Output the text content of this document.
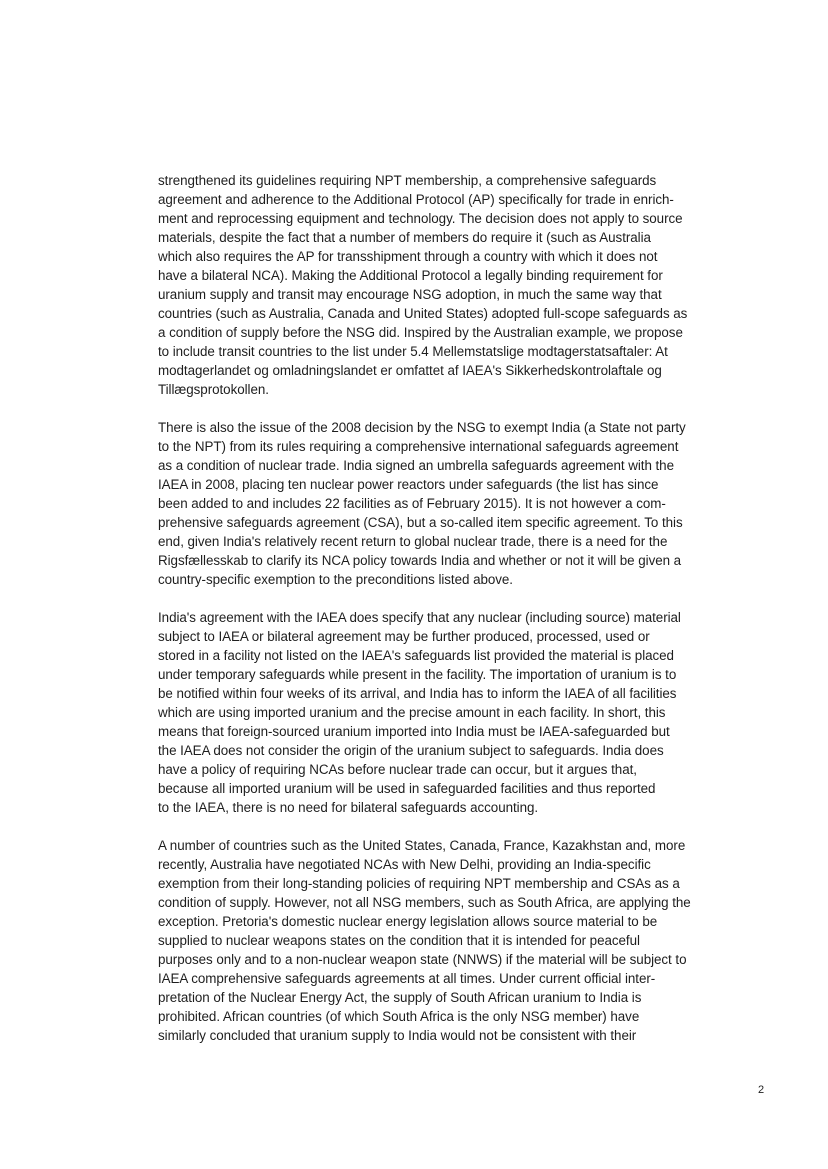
strengthened its guidelines requiring NPT membership, a comprehensive safeguards
agreement and adherence to the Additional Protocol (AP) specifically for trade in enrich-
ment and reprocessing equipment and technology. The decision does not apply to source
materials, despite the fact that a number of members do require it (such as Australia
which also requires the AP for transshipment through a country with which it does not
have a bilateral NCA). Making the Additional Protocol a legally binding requirement for
uranium supply and transit may encourage NSG adoption, in much the same way that
countries (such as Australia, Canada and United States) adopted full-scope safeguards as
a condition of supply before the NSG did. Inspired by the Australian example, we propose
to include transit countries to the list under 5.4 Mellemstatslige modtagerstatsaftaler: At
modtagerlandet og omladningslandet er omfattet af IAEA's Sikkerhedskontrolaftale og
Tillægsprotokollen.

There is also the issue of the 2008 decision by the NSG to exempt India (a State not party
to the NPT) from its rules requiring a comprehensive international safeguards agreement
as a condition of nuclear trade. India signed an umbrella safeguards agreement with the
IAEA in 2008, placing ten nuclear power reactors under safeguards (the list has since
been added to and includes 22 facilities as of February 2015). It is not however a com-
prehensive safeguards agreement (CSA), but a so-called item specific agreement. To this
end, given India's relatively recent return to global nuclear trade, there is a need for the
Rigsfællesskab to clarify its NCA policy towards India and whether or not it will be given a
country-specific exemption to the preconditions listed above.

India's agreement with the IAEA does specify that any nuclear (including source) material
subject to IAEA or bilateral agreement may be further produced, processed, used or
stored in a facility not listed on the IAEA's safeguards list provided the material is placed
under temporary safeguards while present in the facility. The importation of uranium is to
be notified within four weeks of its arrival, and India has to inform the IAEA of all facilities
which are using imported uranium and the precise amount in each facility. In short, this
means that foreign-sourced uranium imported into India must be IAEA-safeguarded but
the IAEA does not consider the origin of the uranium subject to safeguards. India does
have a policy of requiring NCAs before nuclear trade can occur, but it argues that,
because all imported uranium will be used in safeguarded facilities and thus reported
to the IAEA, there is no need for bilateral safeguards accounting.

A number of countries such as the United States, Canada, France, Kazakhstan and, more
recently, Australia have negotiated NCAs with New Delhi, providing an India-specific
exemption from their long-standing policies of requiring NPT membership and CSAs as a
condition of supply. However, not all NSG members, such as South Africa, are applying the
exception. Pretoria's domestic nuclear energy legislation allows source material to be
supplied to nuclear weapons states on the condition that it is intended for peaceful
purposes only and to a non-nuclear weapon state (NNWS) if the material will be subject to
IAEA comprehensive safeguards agreements at all times. Under current official inter-
pretation of the Nuclear Energy Act, the supply of South African uranium to India is
prohibited. African countries (of which South Africa is the only NSG member) have
similarly concluded that uranium supply to India would not be consistent with their

2
